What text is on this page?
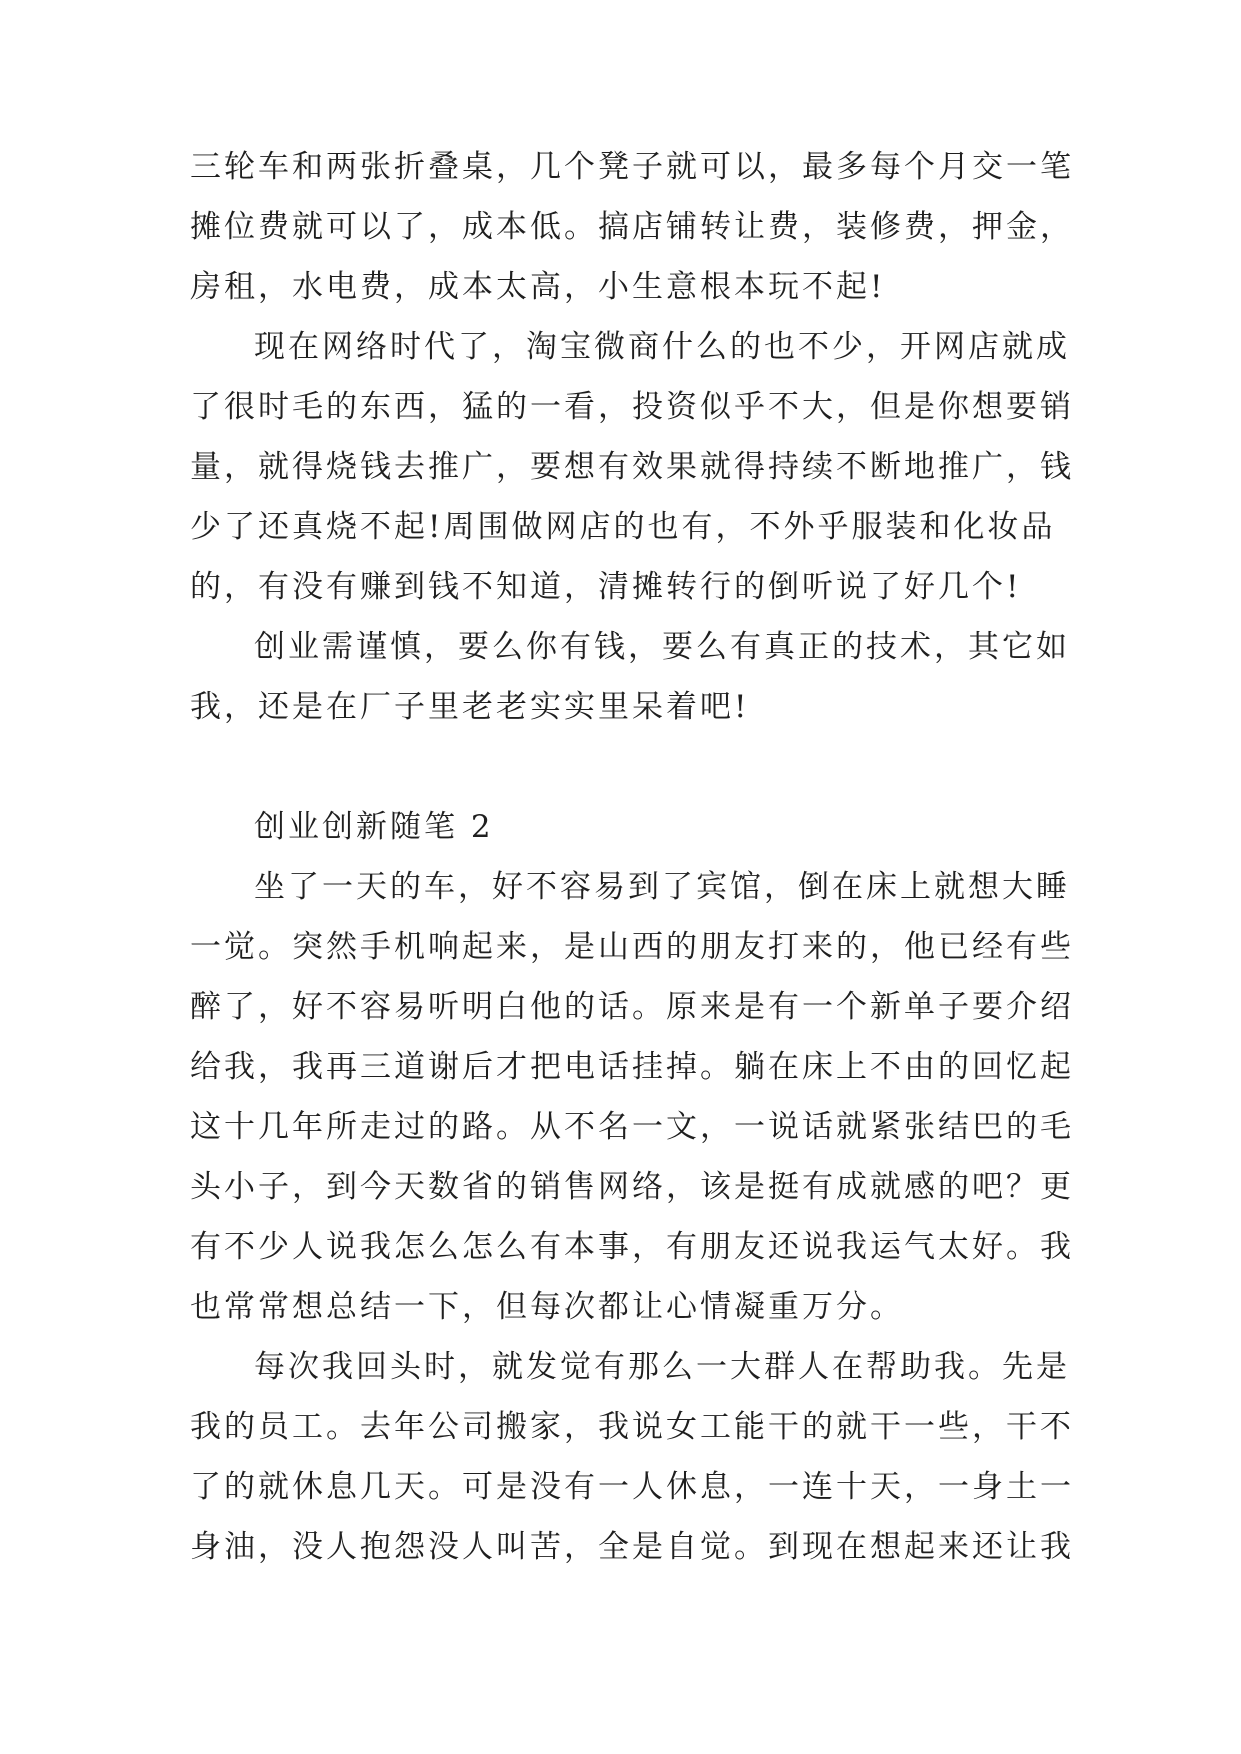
三轮车和两张折叠桌，几个凳子就可以，最多每个月交一笔
摊位费就可以了，成本低。搞店铺转让费，装修费，押金，
房租，水电费，成本太高，小生意根本玩不起!
现在网络时代了，淘宝微商什么的也不少，开网店就成
了很时毛的东西，猛的一看，投资似乎不大，但是你想要销
量，就得烧钱去推广，要想有效果就得持续不断地推广，钱
少了还真烧不起!周围做网店的也有，不外乎服装和化妆品
的，有没有赚到钱不知道，清摊转行的倒听说了好几个!
创业需谨慎，要么你有钱，要么有真正的技术，其它如
我，还是在厂子里老老实实里呆着吧!
创业创新随笔 2
坐了一天的车，好不容易到了宾馆，倒在床上就想大睡
一觉。突然手机响起来，是山西的朋友打来的，他已经有些
醉了，好不容易听明白他的话。原来是有一个新单子要介绍
给我，我再三道谢后才把电话挂掉。躺在床上不由的回忆起
这十几年所走过的路。从不名一文，一说话就紧张结巴的毛
头小子，到今天数省的销售网络，该是挺有成就感的吧？更
有不少人说我怎么怎么有本事，有朋友还说我运气太好。我
也常常想总结一下，但每次都让心情凝重万分。
每次我回头时，就发觉有那么一大群人在帮助我。先是
我的员工。去年公司搬家，我说女工能干的就干一些，干不
了的就休息几天。可是没有一人休息，一连十天，一身土一
身油，没人抱怨没人叫苦，全是自觉。到现在想起来还让我
